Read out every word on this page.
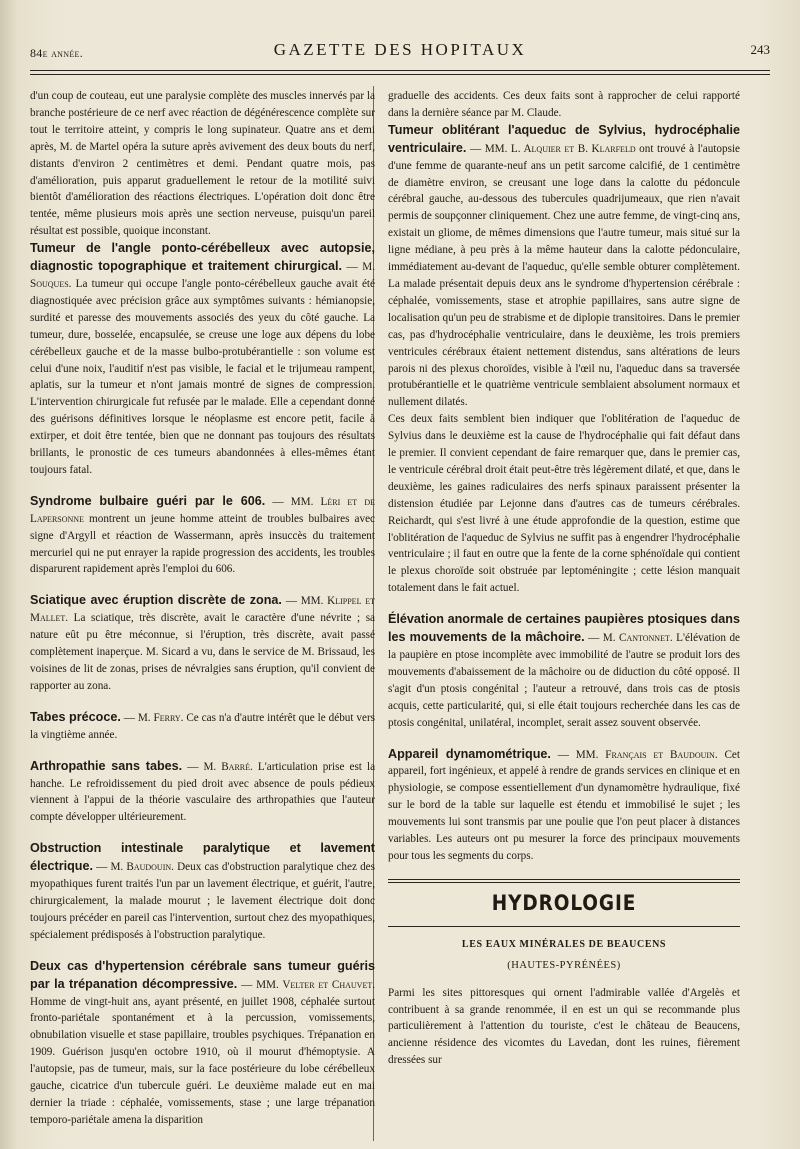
84e année.	GAZETTE DES HOPITAUX	243

d'un coup de couteau, eut une paralysie complète des muscles innervés par la branche postérieure de ce nerf avec réaction de dégénérescence complète sur tout le territoire atteint, y compris le long supinateur. Quatre ans et demi après, M. de Martel opéra la suture après avivement des deux bouts du nerf, distants d'environ 2 centimètres et demi. Pendant quatre mois, pas d'amélioration, puis apparut graduellement le retour de la motilité suivi bientôt d'amélioration des réactions électriques. L'opération doit donc être tentée, même plusieurs mois après une section nerveuse, puisqu'un pareil résultat est possible, quoique inconstant.

Tumeur de l'angle ponto-cérébelleux avec autopsie, diagnostic topographique et traitement chirurgical. — M. Souques. La tumeur qui occupe l'angle ponto-cérébelleux gauche avait été diagnostiquée avec précision grâce aux symptômes suivants : hémianopsie, surdité et paresse des mouvements associés des yeux du côté gauche. La tumeur, dure, bosselée, encapsulée, se creuse une loge aux dépens du lobe cérébelleux gauche et de la masse bulbo-protubérantielle : son volume est celui d'une noix, l'auditif n'est pas visible, le facial et le trijumeau rampent, aplatis, sur la tumeur et n'ont jamais montré de signes de compression. L'intervention chirurgicale fut refusée par le malade. Elle a cependant donné des guérisons définitives lorsque le néoplasme est encore petit, facile à extirper, et doit être tentée, bien que ne donnant pas toujours des résultats brillants, le pronostic de ces tumeurs abandonnées à elles-mêmes étant toujours fatal.
Syndrome bulbaire guéri par le 606. — MM. Léri et de Lapersonne montrent un jeune homme atteint de troubles bulbaires avec signe d'Argyll et réaction de Wassermann, après insuccès du traitement mercuriel qui ne put enrayer la rapide progression des accidents, les troubles disparurent rapidement après l'emploi du 606.
Sciatique avec éruption discrète de zona. — MM. Klippel et Mallet. La sciatique, très discrète, avait le caractère d'une névrite ; sa nature eût pu être méconnue, si l'éruption, très discrète, avait passé complètement inaperçue. M. Sicard a vu, dans le service de M. Brissaud, les voisines de lit de zonas, prises de névralgies sans éruption, qu'il convient de rapporter au zona.
Tabes précoce. — M. Ferry. Ce cas n'a d'autre intérêt que le début vers la vingtième année.
Arthropathie sans tabes. — M. Barré. L'articulation prise est la hanche. Le refroidissement du pied droit avec absence de pouls pédieux viennent à l'appui de la théorie vasculaire des arthropathies que l'auteur compte développer ultérieurement.
Obstruction intestinale paralytique et lavement électrique. — M. Baudouin. Deux cas d'obstruction paralytique chez des myopathiques furent traités l'un par un lavement électrique, et guérit, l'autre, chirurgicalement, la malade mourut ; le lavement électrique doit donc toujours précéder en pareil cas l'intervention, surtout chez des myopathiques, spécialement prédisposés à l'obstruction paralytique.
Deux cas d'hypertension cérébrale sans tumeur guéris par la trépanation décompressive. — MM. Velter et Chauvet. Homme de vingt-huit ans, ayant présenté, en juillet 1908, céphalée surtout fronto-pariétale spontanément et à la percussion, vomissements, obnubilation visuelle et stase papillaire, troubles psychiques. Trépanation en 1909. Guérison jusqu'en octobre 1910, où il mourut d'hémoptysie. A l'autopsie, pas de tumeur, mais, sur la face postérieure du lobe cérébelleux gauche, cicatrice d'un tubercule guéri. Le deuxième malade eut en mai dernier la triade : céphalée, vomissements, stase ; une large trépanation temporo-pariétale amena la disparition

graduelle des accidents. Ces deux faits sont à rapprocher de celui rapporté dans la dernière séance par M. Claude.

Tumeur oblitérant l'aqueduc de Sylvius, hydrocéphalie ventriculaire. — MM. L. Alquier et B. Klarfeld ont trouvé à l'autopsie d'une femme de quarante-neuf ans un petit sarcome calcifié, de 1 centimètre de diamètre environ, se creusant une loge dans la calotte du pédoncule cérébral gauche, au-dessous des tubercules quadrijumeaux, que rien n'avait permis de soupçonner cliniquement. Chez une autre femme, de vingt-cinq ans, existait un gliome, de mêmes dimensions que l'autre tumeur, mais situé sur la ligne médiane, à peu près à la même hauteur dans la calotte pédonculaire, immédiatement au-devant de l'aqueduc, qu'elle semble obturer complètement. La malade présentait depuis deux ans le syndrome d'hypertension cérébrale : céphalée, vomissements, stase et atrophie papillaires, sans autre signe de localisation qu'un peu de strabisme et de diplopie transitoires. Dans le premier cas, pas d'hydrocéphalie ventriculaire, dans le deuxième, les trois premiers ventricules cérébraux étaient nettement distendus, sans altérations de leurs parois ni des plexus choroïdes, visible à l'œil nu, l'aqueduc dans sa traversée protubérantielle et le quatrième ventricule semblaient absolument normaux et nullement dilatés.

Ces deux faits semblent bien indiquer que l'oblitération de l'aqueduc de Sylvius dans le deuxième est la cause de l'hydrocéphalie qui fait défaut dans le premier. Il convient cependant de faire remarquer que, dans le premier cas, le ventricule cérébral droit était peut-être très légèrement dilaté, et que, dans le deuxième, les gaines radiculaires des nerfs spinaux paraissent présenter la distension étudiée par Lejonne dans d'autres cas de tumeurs cérébrales. Reichardt, qui s'est livré à une étude approfondie de la question, estime que l'oblitération de l'aqueduc de Sylvius ne suffit pas à engendrer l'hydrocéphalie ventriculaire ; il faut en outre que la fente de la corne sphénoïdale qui contient le plexus choroïde soit obstruée par leptoméningite ; cette lésion manquait totalement dans le fait actuel.

Élévation anormale de certaines paupières ptosiques dans les mouvements de la mâchoire. — M. Cantonnet. L'élévation de la paupière en ptose incomplète avec immobilité de l'autre se produit lors des mouvements d'abaissement de la mâchoire ou de diduction du côté opposé. Il s'agit d'un ptosis congénital ; l'auteur a retrouvé, dans trois cas de ptosis acquis, cette particularité, qui, si elle était toujours recherchée dans les cas de ptosis congénital, unilatéral, incomplet, serait assez souvent observée.
Appareil dynamométrique. — MM. Français et Baudouin. Cet appareil, fort ingénieux, et appelé à rendre de grands services en clinique et en physiologie, se compose essentiellement d'un dynamomètre hydraulique, fixé sur le bord de la table sur laquelle est étendu et immobilisé le sujet ; les mouvements lui sont transmis par une poulie que l'on peut placer à distances variables. Les auteurs ont pu mesurer la force des principaux mouvements pour tous les segments du corps.
HYDROLOGIE
LES EAUX MINÉRALES DE BEAUCENS
(HAUTES-PYRÉNÉES)

Parmi les sites pittoresques qui ornent l'admirable vallée d'Argelès et contribuent à sa grande renommée, il en est un qui se recommande plus particulièrement à l'attention du touriste, c'est le château de Beaucens, ancienne résidence des vicomtes du Lavedan, dont les ruines, fièrement dressées sur
